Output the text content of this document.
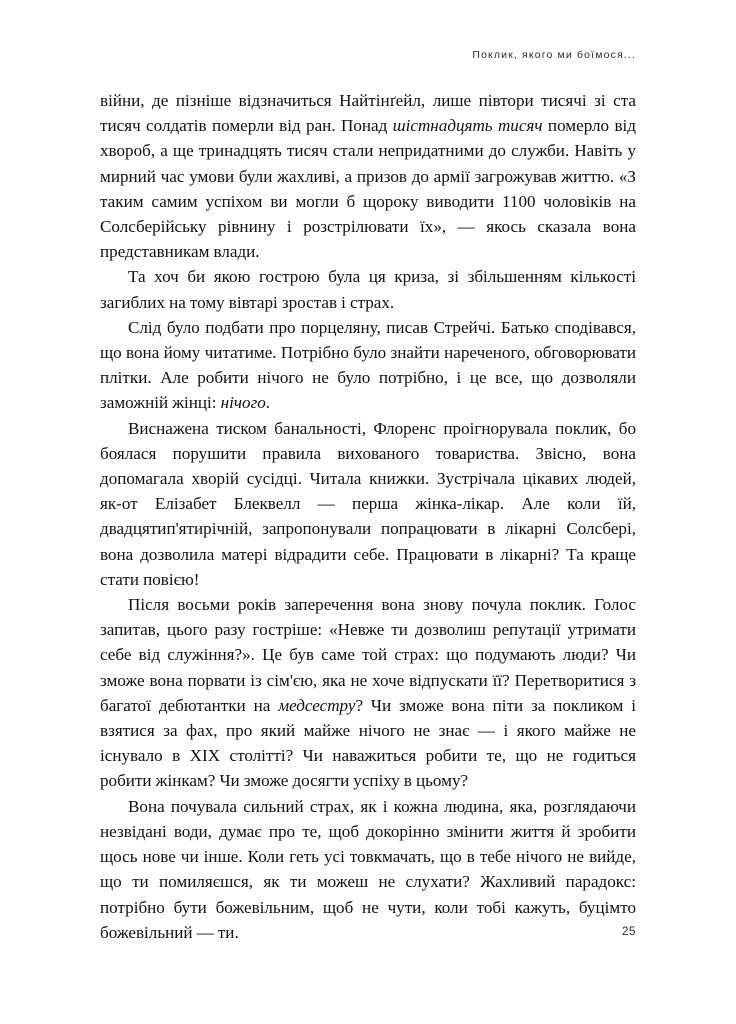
Поклик, якого ми боїмося...

війни, де пізніше відзначиться Найтінґейл, лише півтори тисячі зі ста тисяч солдатів померли від ран. Понад шістнадцять тисяч померло від хвороб, а ще тринадцять тисяч стали непридатними до служби. Навіть у мирний час умови були жахливі, а призов до армії загрожував життю. «З таким самим успіхом ви могли б щороку виводити 1100 чоловіків на Солсберійську рівнину і розстрілювати їх», — якось сказала вона представникам влади.

Та хоч би якою гострою була ця криза, зі збільшенням кількості загиблих на тому вівтарі зростав і страх.

Слід було подбати про порцеляну, писав Стрейчі. Батько сподівався, що вона йому читатиме. Потрібно було знайти нареченого, обговорювати плітки. Але робити нічого не було потрібно, і це все, що дозволяли заможній жінці: нічого.

Виснажена тиском банальності, Флоренс проігнорувала поклик, бо боялася порушити правила вихованого товариства. Звісно, вона допомагала хворій сусідці. Читала книжки. Зустрічала цікавих людей, як-от Елізабет Блеквелл — перша жінка-лікар. Але коли їй, двадцятип'ятирічній, запропонували попрацювати в лікарні Солсбері, вона дозволила матері відрадити себе. Працювати в лікарні? Та краще стати повією!

Після восьми років заперечення вона знову почула поклик. Голос запитав, цього разу гостріше: «Невже ти дозволиш репутації утримати себе від служіння?». Це був саме той страх: що подумають люди? Чи зможе вона порвати із сім'єю, яка не хоче відпускати її? Перетворитися з багатої дебютантки на медсестру? Чи зможе вона піти за покликом і взятися за фах, про який майже нічого не знає — і якого майже не існувало в XIX столітті? Чи наважиться робити те, що не годиться робити жінкам? Чи зможе досягти успіху в цьому?

Вона почувала сильний страх, як і кожна людина, яка, розглядаючи незвідані води, думає про те, щоб докорінно змінити життя й зробити щось нове чи інше. Коли геть усі товкмачать, що в тебе нічого не вийде, що ти помиляєшся, як ти можеш не слухати? Жахливий парадокс: потрібно бути божевільним, щоб не чути, коли тобі кажуть, буцімто божевільний — ти.	25
